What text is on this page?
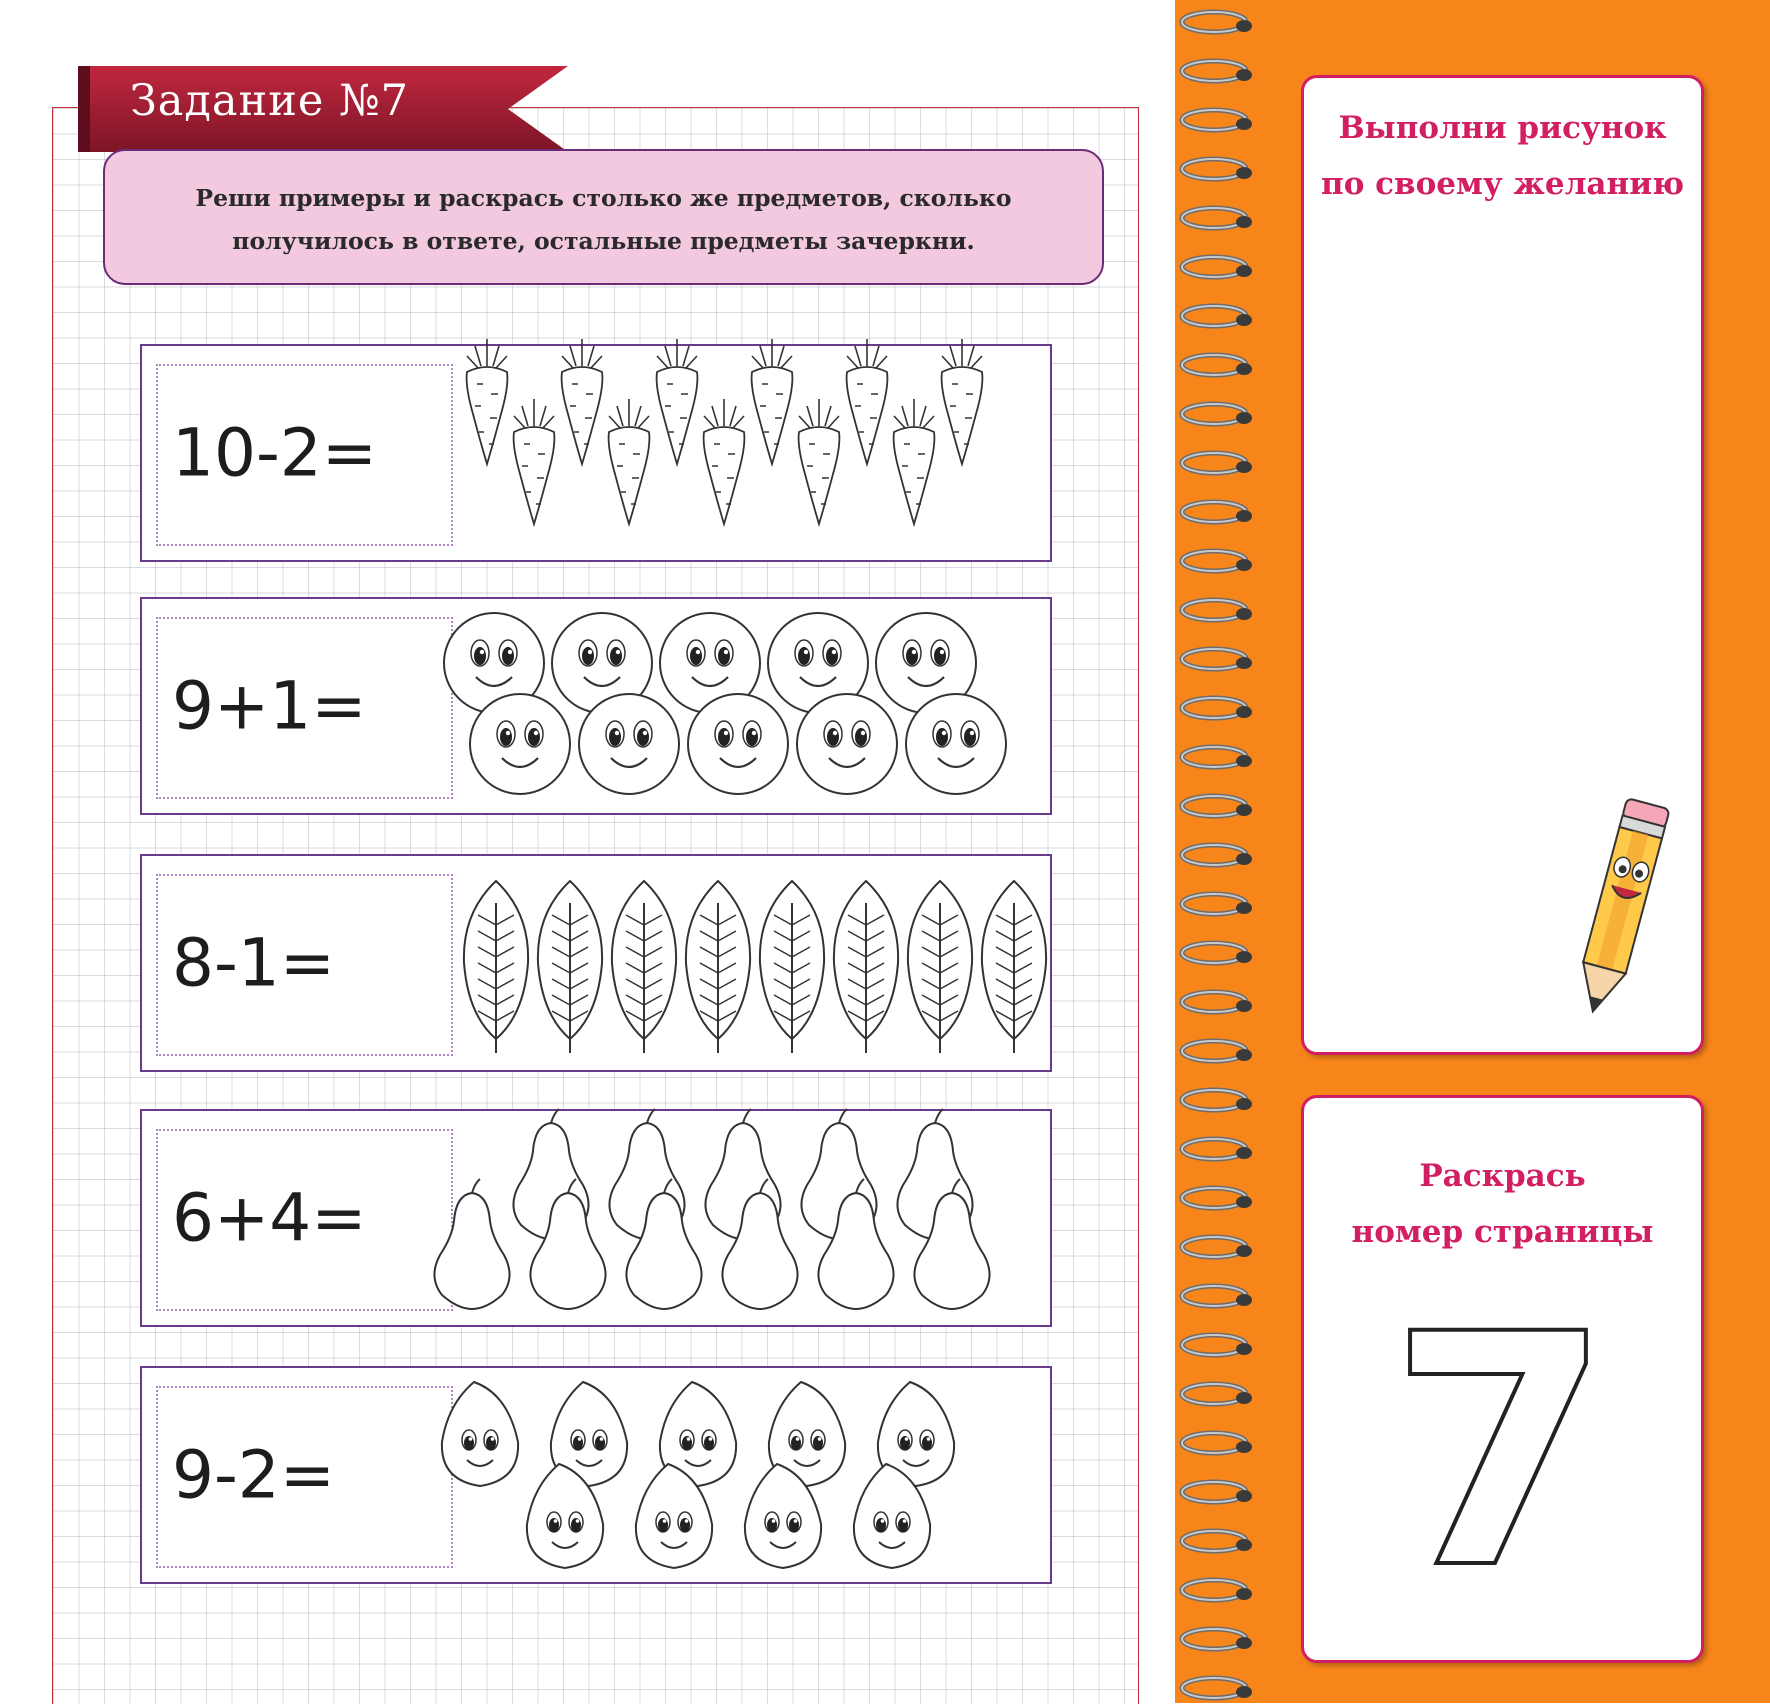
Задание №7
Реши примеры и раскрась столько же предметов, сколько
получилось в ответе, остальные предметы зачеркни.
10-2=
9+1=
8-1=
6+4=
9-2=
Выполни рисунок
по своему желанию
Раскрась
номер страницы
7
